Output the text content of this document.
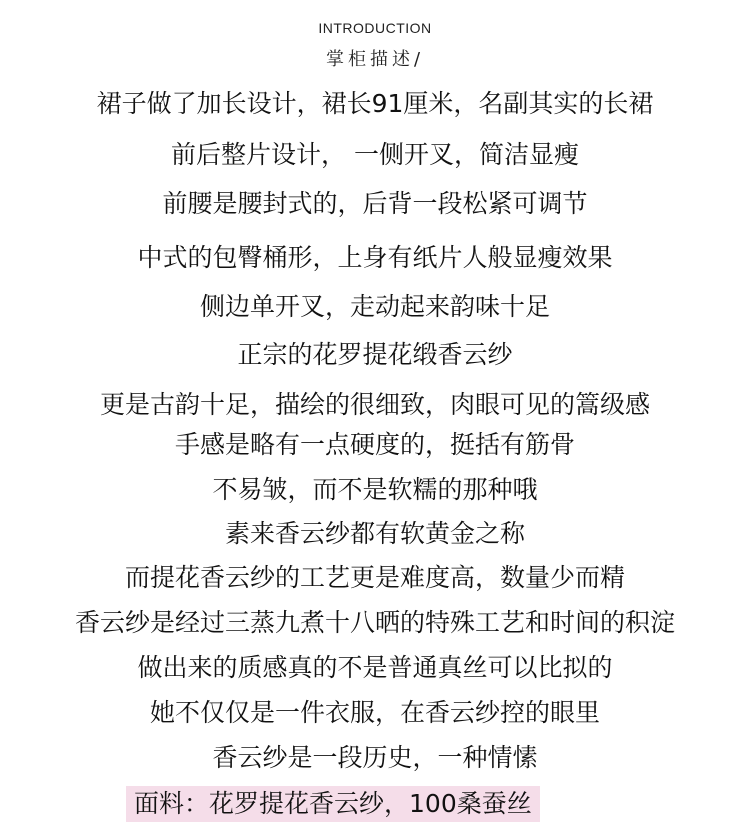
INTRODUCTION
掌柜描述/
裙子做了加长设计，裙长91厘米，名副其实的长裙
前后整片设计， 一侧开叉，简洁显瘦
前腰是腰封式的，后背一段松紧可调节
中式的包臀桶形，上身有纸片人般显瘦效果
侧边单开叉，走动起来韵味十足
正宗的花罗提花缎香云纱
更是古韵十足，描绘的很细致，肉眼可见的篙级感
手感是略有一点硬度的，挺括有筋骨
不易皱，而不是软糯的那种哦
素来香云纱都有软黄金之称
而提花香云纱的工艺更是难度高，数量少而精
香云纱是经过三蒸九煮十八晒的特殊工艺和时间的积淀
做出来的质感真的不是普通真丝可以比拟的
她不仅仅是一件衣服，在香云纱控的眼里
香云纱是一段历史，一种情愫
面料：花罗提花香云纱，100桑蚕丝
